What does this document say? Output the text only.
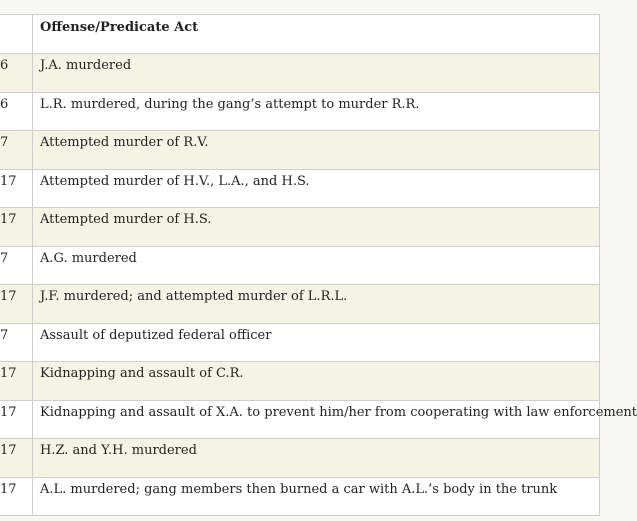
	Offense/Predicate Act

6	J.A. murdered

6	L.R. murdered, during the gang’s attempt to murder R.R.

7	Attempted murder of R.V.

17	Attempted murder of H.V., L.A., and H.S.

17	Attempted murder of H.S.

7	A.G. murdered

17	J.F. murdered; and attempted murder of L.R.L.

7	Assault of deputized federal officer

17	Kidnapping and assault of C.R.

17	Kidnapping and assault of X.A. to prevent him/her from cooperating with law enforcement

17	H.Z. and Y.H. murdered

17	A.L. murdered; gang members then burned a car with A.L.’s body in the trunk
